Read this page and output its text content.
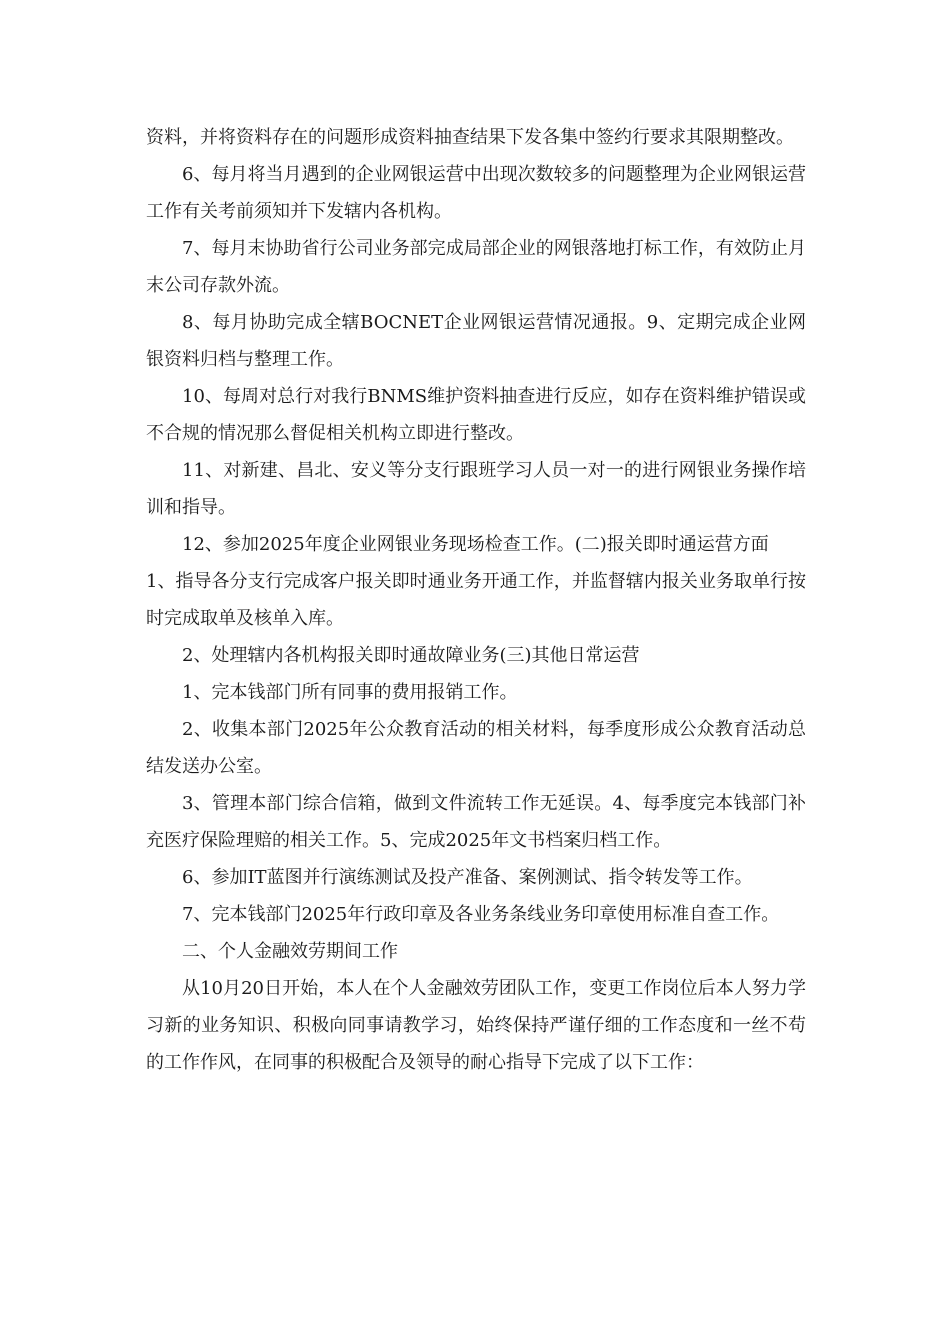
资料，并将资料存在的问题形成资料抽查结果下发各集中签约行要求其限期整改。

6、每月将当月遇到的企业网银运营中出现次数较多的问题整理为企业网银运营工作有关考前须知并下发辖内各机构。

7、每月末协助省行公司业务部完成局部企业的网银落地打标工作，有效防止月末公司存款外流。

8、每月协助完成全辖BOCNET企业网银运营情况通报。9、定期完成企业网银资料归档与整理工作。

10、每周对总行对我行BNMS维护资料抽查进行反应，如存在资料维护错误或不合规的情况那么督促相关机构立即进行整改。

11、对新建、昌北、安义等分支行跟班学习人员一对一的进行网银业务操作培训和指导。

12、参加2025年度企业网银业务现场检查工作。(二)报关即时通运营方面

1、指导各分支行完成客户报关即时通业务开通工作，并监督辖内报关业务取单行按时完成取单及核单入库。

2、处理辖内各机构报关即时通故障业务(三)其他日常运营

1、完本钱部门所有同事的费用报销工作。

2、收集本部门2025年公众教育活动的相关材料，每季度形成公众教育活动总结发送办公室。

3、管理本部门综合信箱，做到文件流转工作无延误。4、每季度完本钱部门补充医疗保险理赔的相关工作。5、完成2025年文书档案归档工作。

6、参加IT蓝图并行演练测试及投产准备、案例测试、指令转发等工作。

7、完本钱部门2025年行政印章及各业务条线业务印章使用标准自查工作。

二、个人金融效劳期间工作

从10月20日开始，本人在个人金融效劳团队工作，变更工作岗位后本人努力学习新的业务知识、积极向同事请教学习，始终保持严谨仔细的工作态度和一丝不苟的工作作风，在同事的积极配合及领导的耐心指导下完成了以下工作：
